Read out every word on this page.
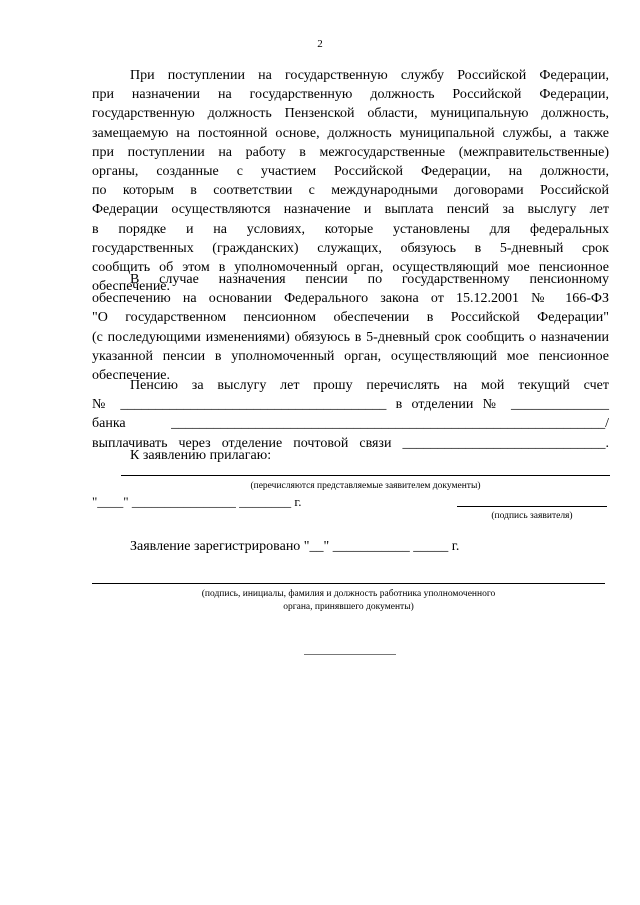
2
При поступлении на государственную службу Российской Федерации,
при назначении на государственную должность Российской Федерации,
государственную должность Пензенской области, муниципальную должность,
замещаемую на постоянной основе, должность муниципальной службы, а также
при поступлении на работу в межгосударственные (межправительственные)
органы, созданные с участием Российской Федерации, на должности,
по которым в соответствии с международными договорами Российской
Федерации осуществляются назначение и выплата пенсий за выслугу лет
в порядке и на условиях, которые установлены для федеральных
государственных (гражданских) служащих, обязуюсь в 5-дневный срок
сообщить об этом в уполномоченный орган, осуществляющий мое пенсионное
обеспечение.
В случае назначения пенсии по государственному пенсионному
обеспечению на основании Федерального закона от 15.12.2001 № 166-ФЗ
"О государственном пенсионном обеспечении в Российской Федерации"
(с последующими изменениями) обязуюсь в 5-дневный срок сообщить о назначении
указанной пенсии в уполномоченный орган, осуществляющий мое пенсионное
обеспечение.
Пенсию за выслугу лет прошу перечислять на мой текущий счет
№ ______________________________________ в отделении № ______________
банка ______________________________________________________________/
выплачивать через отделение почтовой связи _____________________________.
К заявлению прилагаю:
(перечисляются представляемые заявителем документы)
"____" ________________ ________ г.
(подпись заявителя)
Заявление зарегистрировано "__" ___________ _____ г.
(подпись, инициалы, фамилия и должность работника уполномоченного
органа, принявшего документы)
